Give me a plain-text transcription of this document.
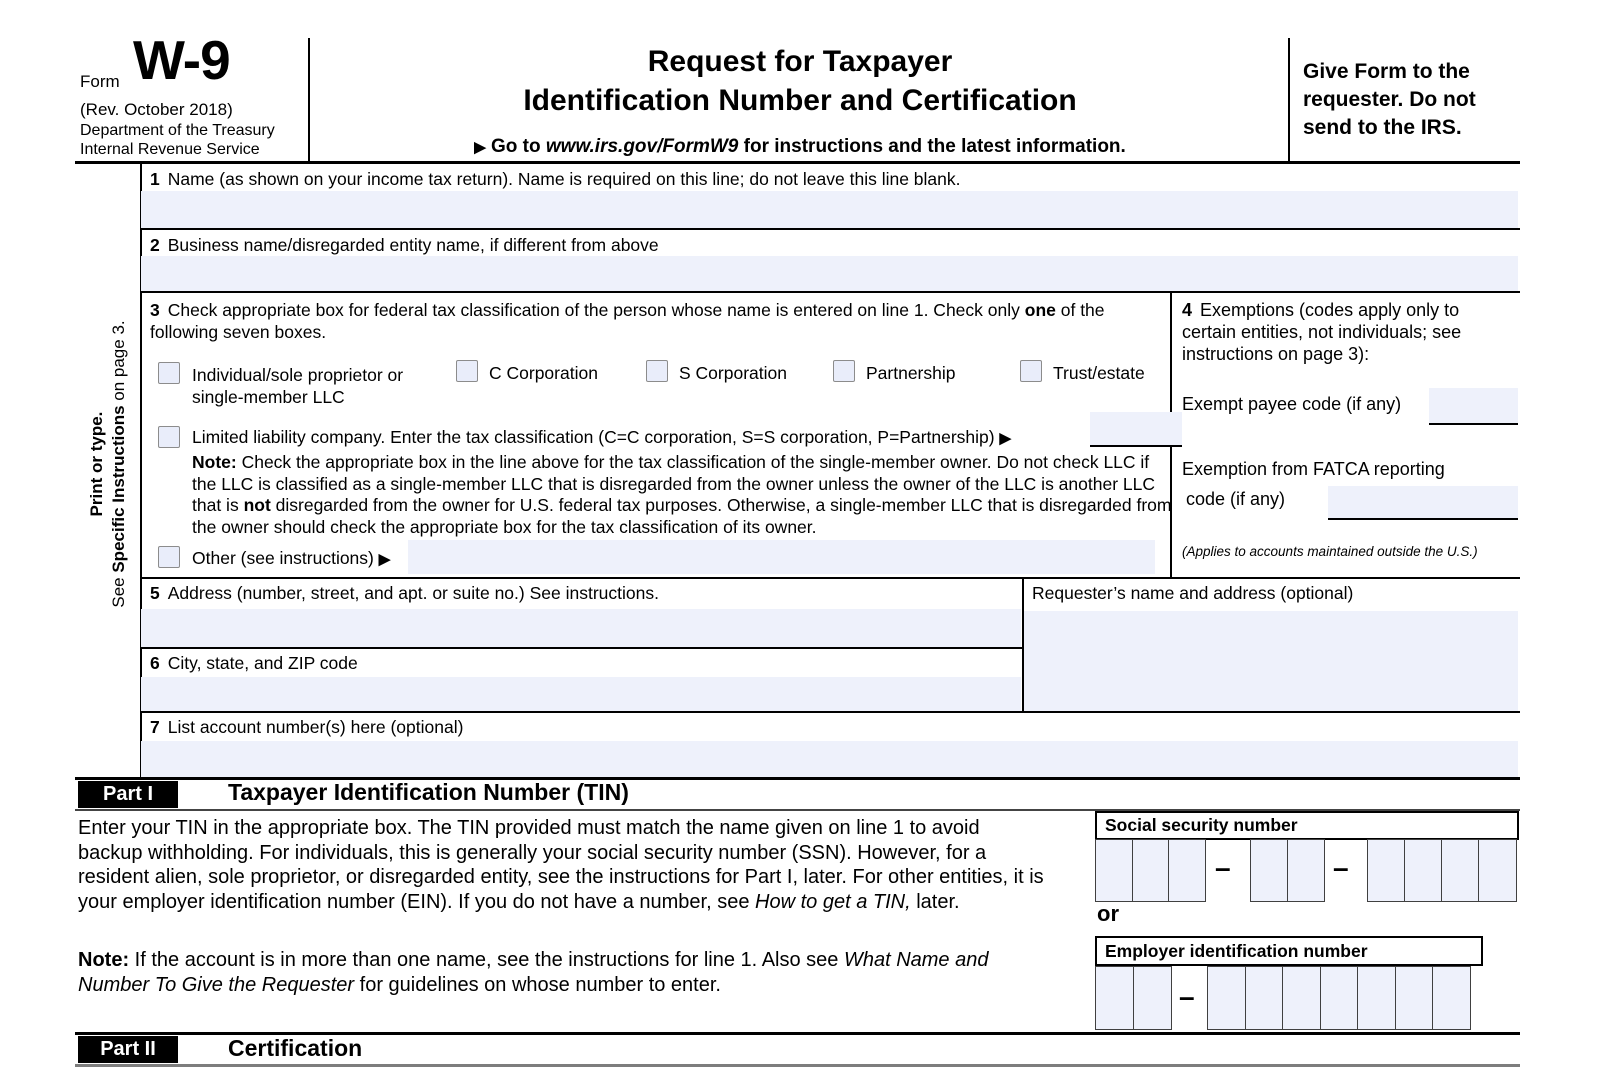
Form W-9
(Rev. October 2018)
Department of the Treasury
Internal Revenue Service
Request for Taxpayer
Identification Number and Certification
▶ Go to www.irs.gov/FormW9 for instructions and the latest information.
Give Form to the requester. Do not send to the IRS.
Print or type.
See Specific Instructions on page 3.
1 Name (as shown on your income tax return). Name is required on this line; do not leave this line blank.
2 Business name/disregarded entity name, if different from above
3 Check appropriate box for federal tax classification of the person whose name is entered on line 1. Check only one of the following seven boxes.
Individual/sole proprietor or single-member LLC
C Corporation	S Corporation	Partnership	Trust/estate
Limited liability company. Enter the tax classification (C=C corporation, S=S corporation, P=Partnership) ▶
Note: Check the appropriate box in the line above for the tax classification of the single-member owner. Do not check LLC if the LLC is classified as a single-member LLC that is disregarded from the owner unless the owner of the LLC is another LLC that is not disregarded from the owner for U.S. federal tax purposes. Otherwise, a single-member LLC that is disregarded from the owner should check the appropriate box for the tax classification of its owner.
Other (see instructions) ▶
4 Exemptions (codes apply only to certain entities, not individuals; see instructions on page 3):
Exempt payee code (if any)
Exemption from FATCA reporting
code (if any)
(Applies to accounts maintained outside the U.S.)
5 Address (number, street, and apt. or suite no.) See instructions.	Requester’s name and address (optional)
6 City, state, and ZIP code
7 List account number(s) here (optional)
Part I	Taxpayer Identification Number (TIN)
Enter your TIN in the appropriate box. The TIN provided must match the name given on line 1 to avoid backup withholding. For individuals, this is generally your social security number (SSN). However, for a resident alien, sole proprietor, or disregarded entity, see the instructions for Part I, later. For other entities, it is your employer identification number (EIN). If you do not have a number, see How to get a TIN, later.
Note: If the account is in more than one name, see the instructions for line 1. Also see What Name and Number To Give the Requester for guidelines on whose number to enter.
Social security number
–	–
or
Employer identification number
–
Part II	Certification
